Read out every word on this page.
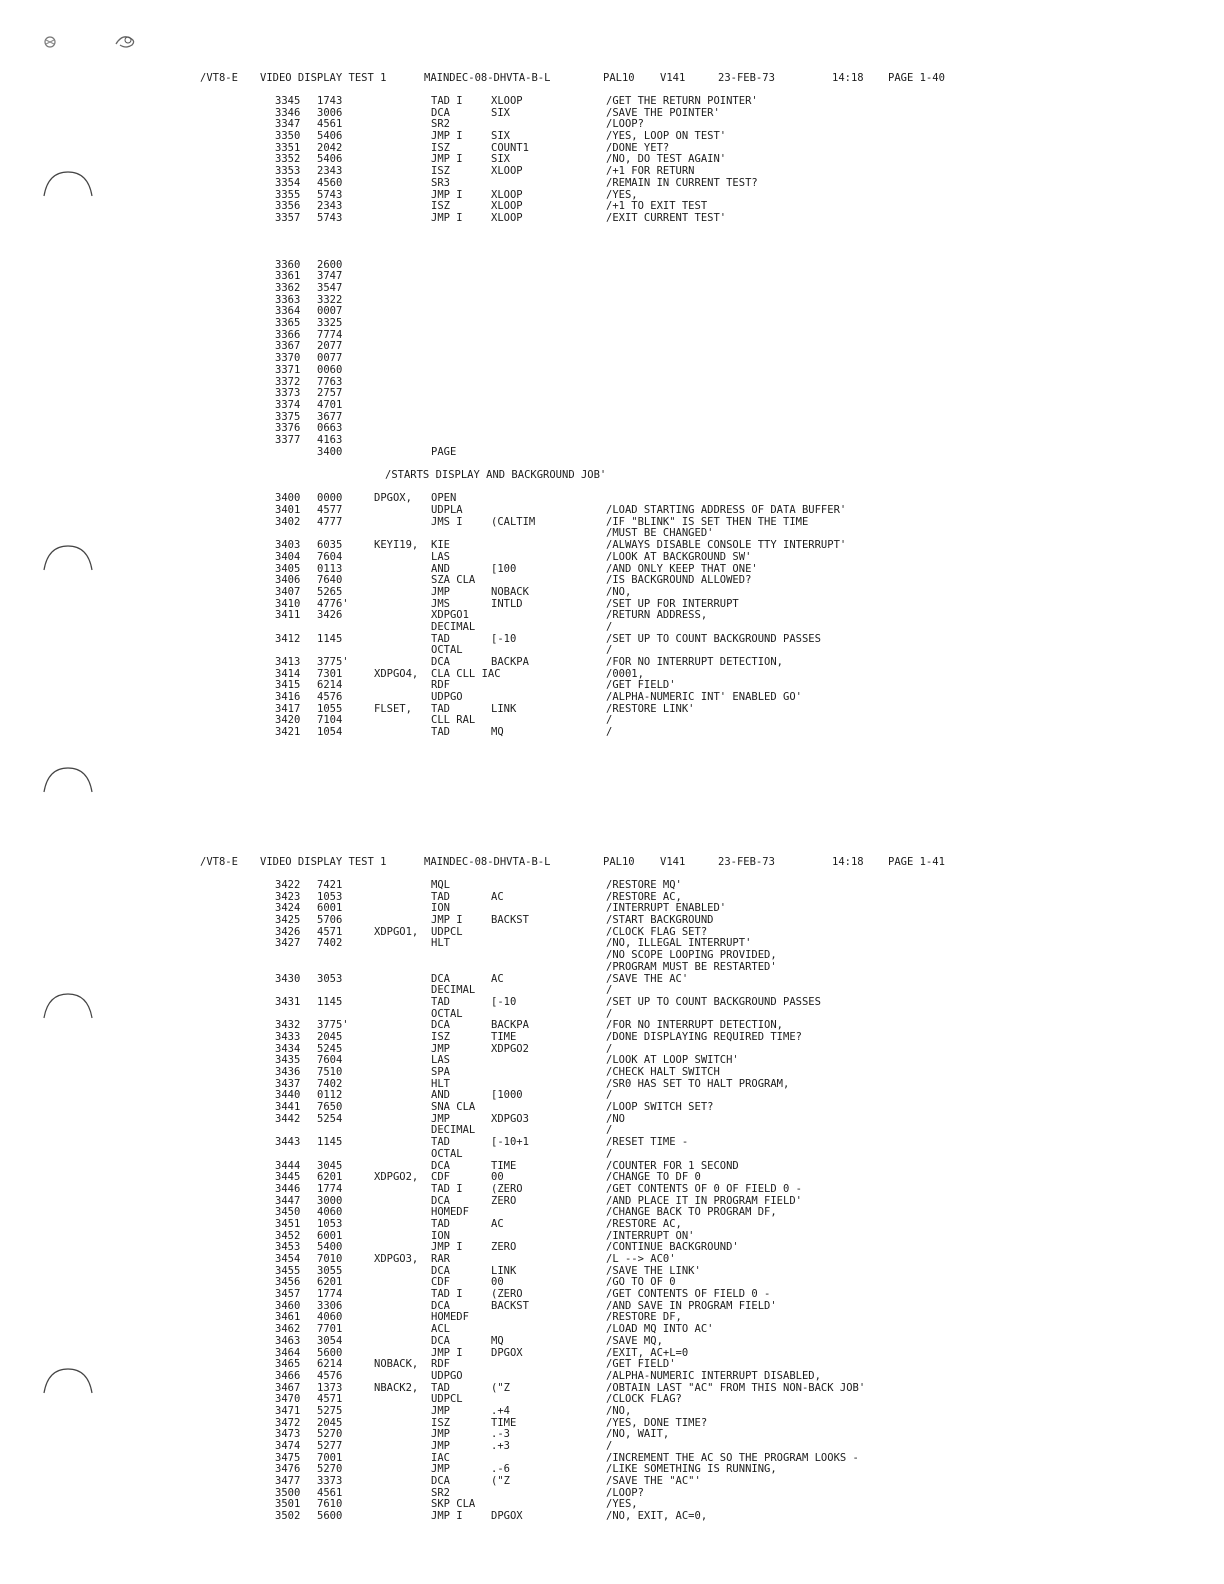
/VT8-E VIDEO DISPLAY TEST 1	MAINDEC-08-DHVTA-B-L	PAL10 V141	23-FEB-73	14:18 PAGE 1-40
3345 1743	TAD I	XLOOP	/GET THE RETURN POINTER'
3346 3006	DCA	SIX	/SAVE THE POINTER'
3347 4561	SR2	/LOOP?
3350 5406	JMP I	SIX	/YES, LOOP ON TEST'
3351 2042	ISZ	COUNT1	/DONE YET?
3352 5406	JMP I	SIX	/NO, DO TEST AGAIN'
3353 2343	ISZ	XLOOP	/+1 FOR RETURN
3354 4560	SR3	/REMAIN IN CURRENT TEST?
3355 5743	JMP I	XLOOP	/YES,
3356 2343	ISZ	XLOOP	/+1 TO EXIT TEST
3357 5743	JMP I	XLOOP	/EXIT CURRENT TEST'
3360 2600
3361 3747
3362 3547
3363 3322
3364 0007
3365 3325
3366 7774
3367 2077
3370 0077
3371 0060
3372 7763
3373 2757
3374 4701
3375 3677
3376 0663
3377 4163
3400	PAGE
/STARTS DISPLAY AND BACKGROUND JOB'
3400 0000	DPGOX, OPEN
3401 4577	UDPLA	/LOAD STARTING ADDRESS OF DATA BUFFER'
3402 4777	JMS I	(CALTIM	/IF "BLINK" IS SET THEN THE TIME
/MUST BE CHANGED'
3403 6035	KEYI19, KIE	/ALWAYS DISABLE CONSOLE TTY INTERRUPT'
3404 7604	LAS	/LOOK AT BACKGROUND SW'
3405 0113	AND	[100	/AND ONLY KEEP THAT ONE'
3406 7640	SZA CLA	/IS BACKGROUND ALLOWED?
3407 5265	JMP	NOBACK	/NO,
3410 4776'	JMS	INTLD	/SET UP FOR INTERRUPT
3411 3426	XDPGO1	/RETURN ADDRESS,
DECIMAL	/
3412 1145	TAD	[-10	/SET UP TO COUNT BACKGROUND PASSES
OCTAL	/
3413 3775'	DCA	BACKPA	/FOR NO INTERRUPT DETECTION,
3414 7301	XDPGO4, CLA CLL IAC	/0001,
3415 6214	RDF	/GET FIELD'
3416 4576	UDPGO	/ALPHA-NUMERIC INT' ENABLED GO'
3417 1055	FLSET, TAD	LINK	/RESTORE LINK'
3420 7104	CLL RAL	/
3421 1054	TAD	MQ	/
/VT8-E VIDEO DISPLAY TEST 1	MAINDEC-08-DHVTA-B-L	PAL10 V141	23-FEB-73	14:18 PAGE 1-41
3422 7421	MQL	/RESTORE MQ'
3423 1053	TAD	AC	/RESTORE AC,
3424 6001	ION	/INTERRUPT ENABLED'
3425 5706	JMP I	BACKST	/START BACKGROUND
3426 4571	XDPGO1, UDPCL	/CLOCK FLAG SET?
3427 7402	HLT	/NO, ILLEGAL INTERRUPT'
/NO SCOPE LOOPING PROVIDED,
/PROGRAM MUST BE RESTARTED'
3430 3053	DCA	AC	/SAVE THE AC'
DECIMAL	/
3431 1145	TAD	[-10	/SET UP TO COUNT BACKGROUND PASSES
OCTAL	/
3432 3775'	DCA	BACKPA	/FOR NO INTERRUPT DETECTION,
3433 2045	ISZ	TIME	/DONE DISPLAYING REQUIRED TIME?
3434 5245	JMP	XDPGO2	/
3435 7604	LAS	/LOOK AT LOOP SWITCH'
3436 7510	SPA	/CHECK HALT SWITCH
3437 7402	HLT	/SR0 HAS SET TO HALT PROGRAM,
3440 0112	AND	[1000	/
3441 7650	SNA CLA	/LOOP SWITCH SET?
3442 5254	JMP	XDPGO3	/NO
DECIMAL	/
3443 1145	TAD	[-10+1	/RESET TIME -
OCTAL	/
3444 3045	DCA	TIME	/COUNTER FOR 1 SECOND
3445 6201	XDPGO2, CDF	00	/CHANGE TO DF 0
3446 1774	TAD I	(ZERO	/GET CONTENTS OF 0 OF FIELD 0 -
3447 3000	DCA	ZERO	/AND PLACE IT IN PROGRAM FIELD'
3450 4060	HOMEDF	/CHANGE BACK TO PROGRAM DF,
3451 1053	TAD	AC	/RESTORE AC,
3452 6001	ION	/INTERRUPT ON'
3453 5400	JMP I	ZERO	/CONTINUE BACKGROUND'
3454 7010	XDPGO3, RAR	/L --> AC0'
3455 3055	DCA	LINK	/SAVE THE LINK'
3456 6201	CDF	00	/GO TO OF 0
3457 1774	TAD I	(ZERO	/GET CONTENTS OF FIELD 0 -
3460 3306	DCA	BACKST	/AND SAVE IN PROGRAM FIELD'
3461 4060	HOMEDF	/RESTORE DF,
3462 7701	ACL	/LOAD MQ INTO AC'
3463 3054	DCA	MQ	/SAVE MQ,
3464 5600	JMP I	DPGOX	/EXIT, AC+L=0
3465 6214	NOBACK, RDF	/GET FIELD'
3466 4576	UDPGO	/ALPHA-NUMERIC INTERRUPT DISABLED,
3467 1373	NBACK2, TAD	("Z	/OBTAIN LAST "AC" FROM THIS NON-BACK JOB'
3470 4571	UDPCL	/CLOCK FLAG?
3471 5275	JMP	.+4	/NO,
3472 2045	ISZ	TIME	/YES, DONE TIME?
3473 5270	JMP	.-3	/NO, WAIT,
3474 5277	JMP	.+3	/
3475 7001	IAC	/INCREMENT THE AC SO THE PROGRAM LOOKS -
3476 5270	JMP	.-6	/LIKE SOMETHING IS RUNNING,
3477 3373	DCA	("Z	/SAVE THE "AC"'
3500 4561	SR2	/LOOP?
3501 7610	SKP CLA	/YES,
3502 5600	JMP I	DPGOX	/NO, EXIT, AC=0,
